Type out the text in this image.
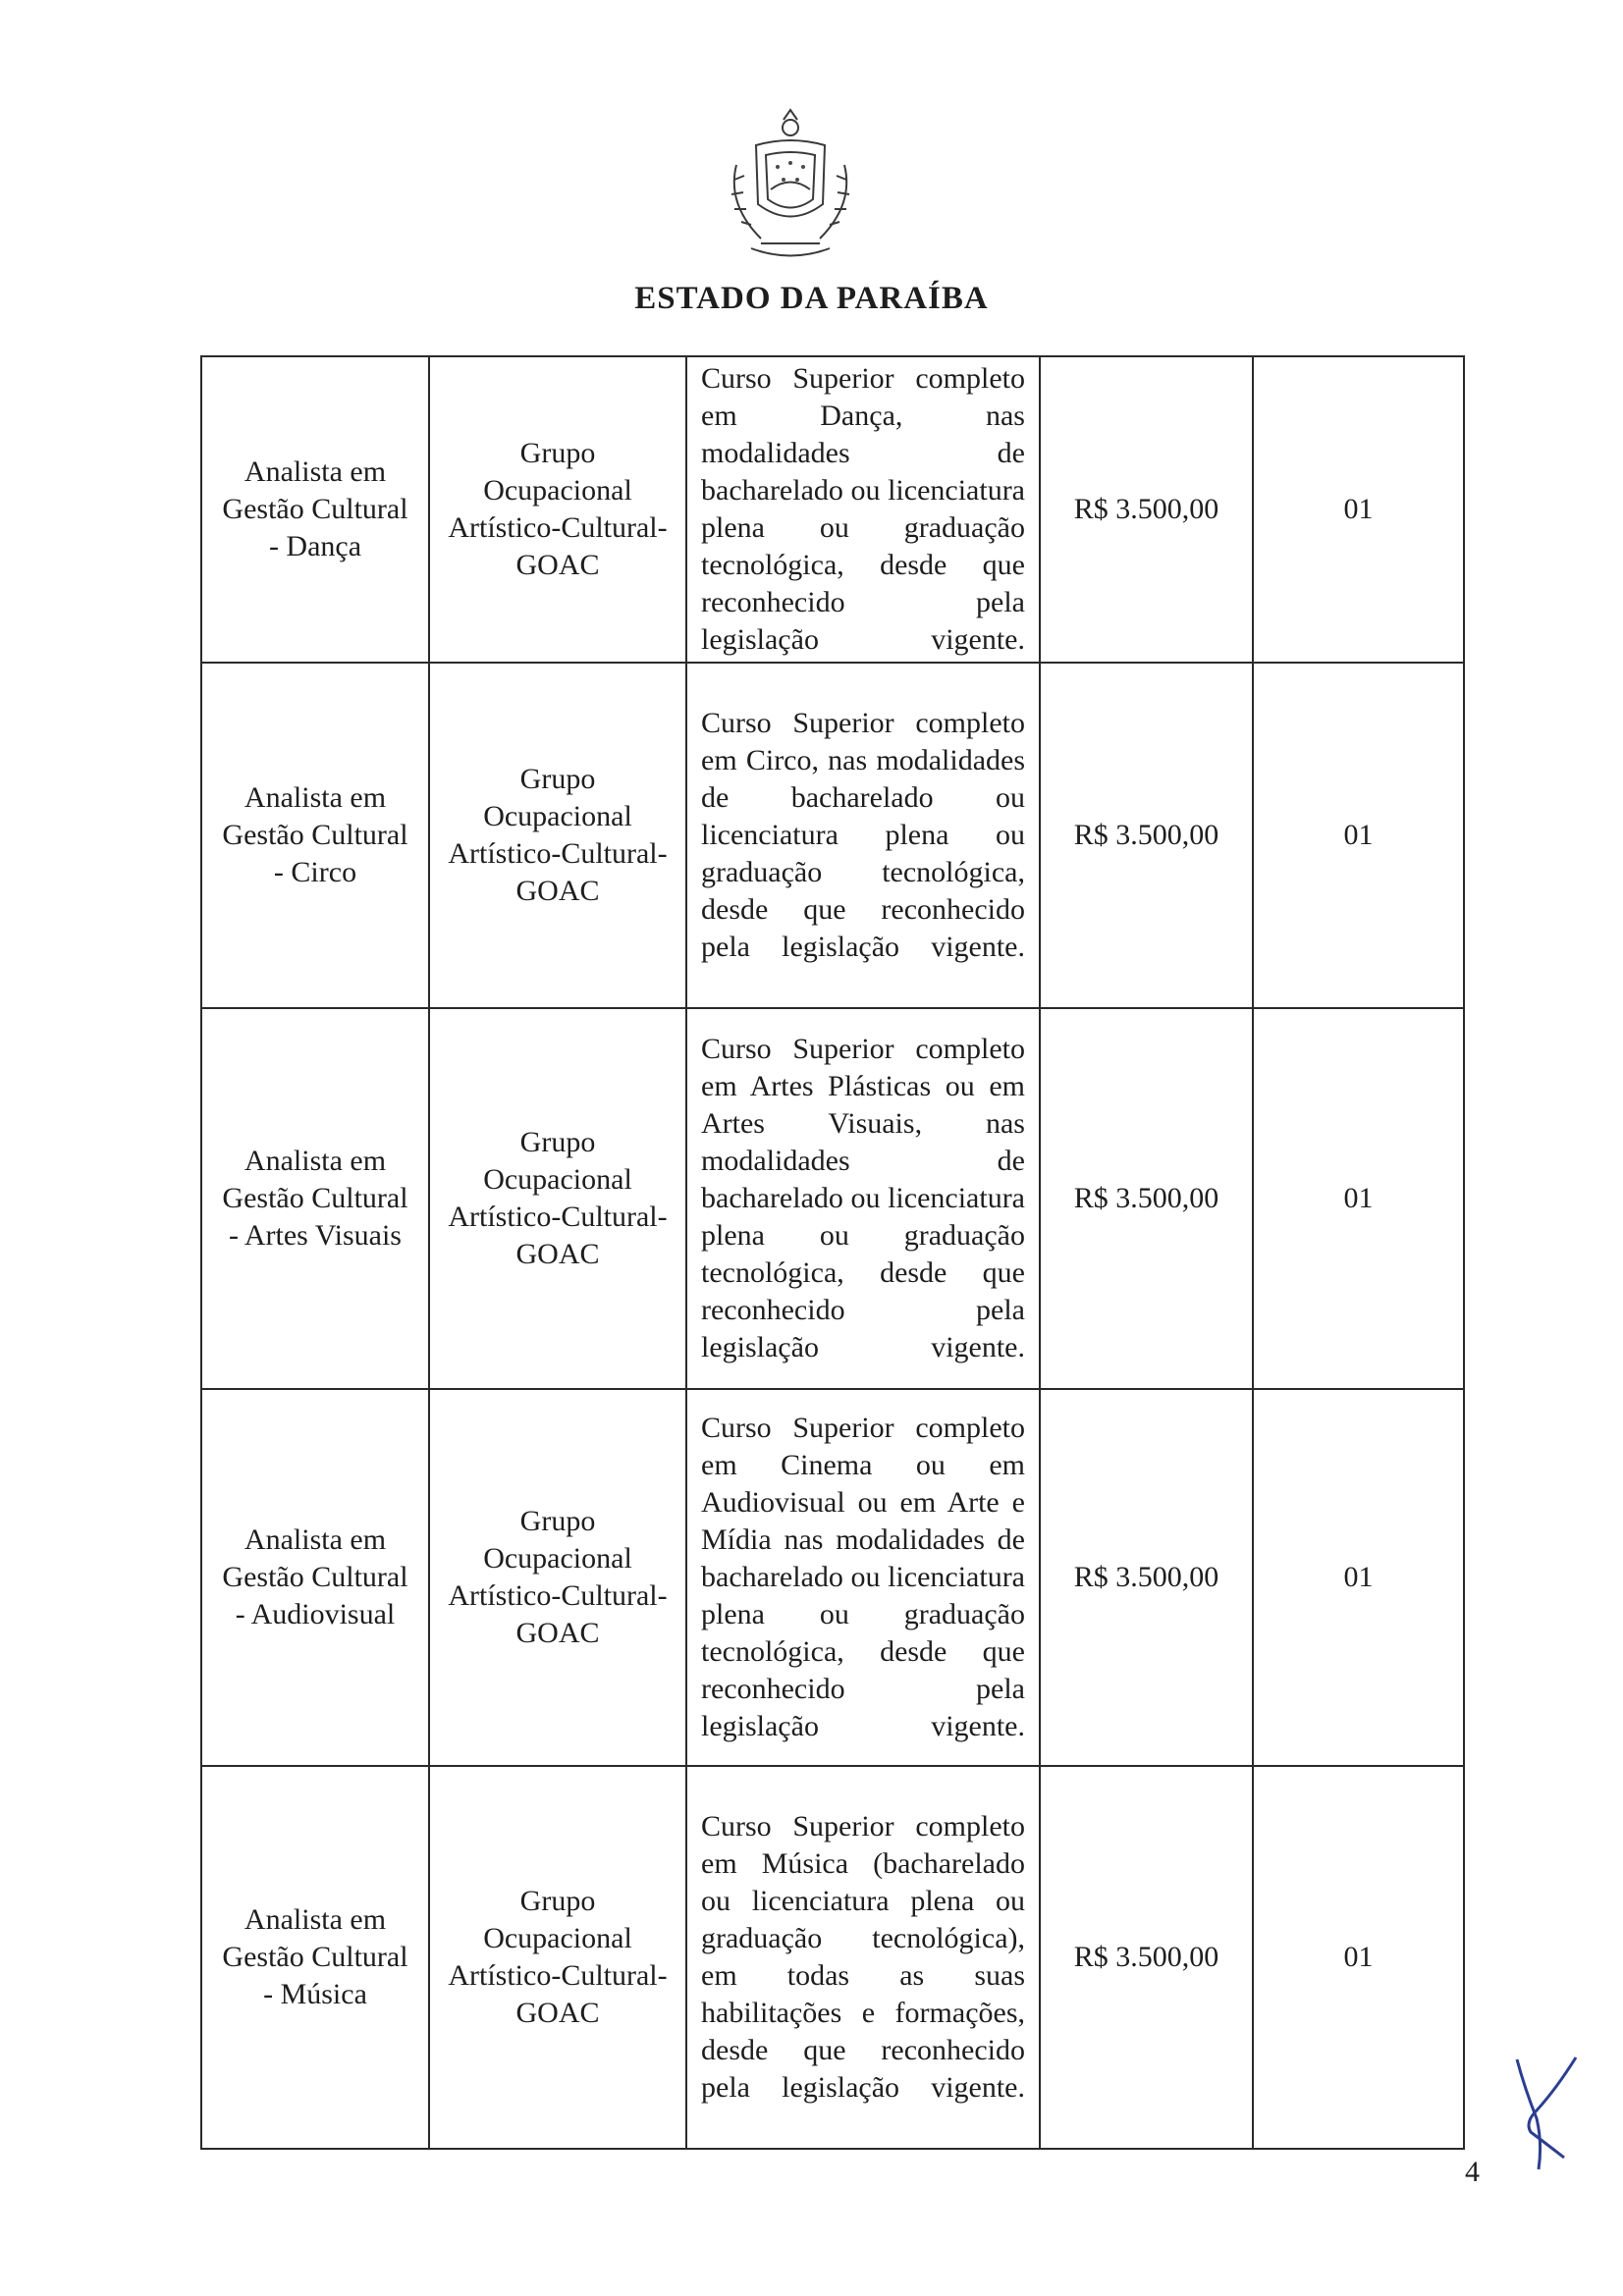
ESTADO DA PARAÍBA
Analista em Gestão Cultural - Dança	Grupo Ocupacional Artístico-Cultural-GOAC	Curso Superior completo em Dança, nas modalidades de bacharelado ou licenciatura plena ou graduação tecnológica, desde que reconhecido pela legislação vigente.	R$ 3.500,00	01
Analista em Gestão Cultural - Circo	Grupo Ocupacional Artístico-Cultural-GOAC	Curso Superior completo em Circo, nas modalidades de bacharelado ou licenciatura plena ou graduação tecnológica, desde que reconhecido pela legislação vigente.	R$ 3.500,00	01
Analista em Gestão Cultural - Artes Visuais	Grupo Ocupacional Artístico-Cultural-GOAC	Curso Superior completo em Artes Plásticas ou em Artes Visuais, nas modalidades de bacharelado ou licenciatura plena ou graduação tecnológica, desde que reconhecido pela legislação vigente.	R$ 3.500,00	01
Analista em Gestão Cultural - Audiovisual	Grupo Ocupacional Artístico-Cultural-GOAC	Curso Superior completo em Cinema ou em Audiovisual ou em Arte e Mídia nas modalidades de bacharelado ou licenciatura plena ou graduação tecnológica, desde que reconhecido pela legislação vigente.	R$ 3.500,00	01
Analista em Gestão Cultural - Música	Grupo Ocupacional Artístico-Cultural-GOAC	Curso Superior completo em Música (bacharelado ou licenciatura plena ou graduação tecnológica), em todas as suas habilitações e formações, desde que reconhecido pela legislação vigente.	R$ 3.500,00	01
4
